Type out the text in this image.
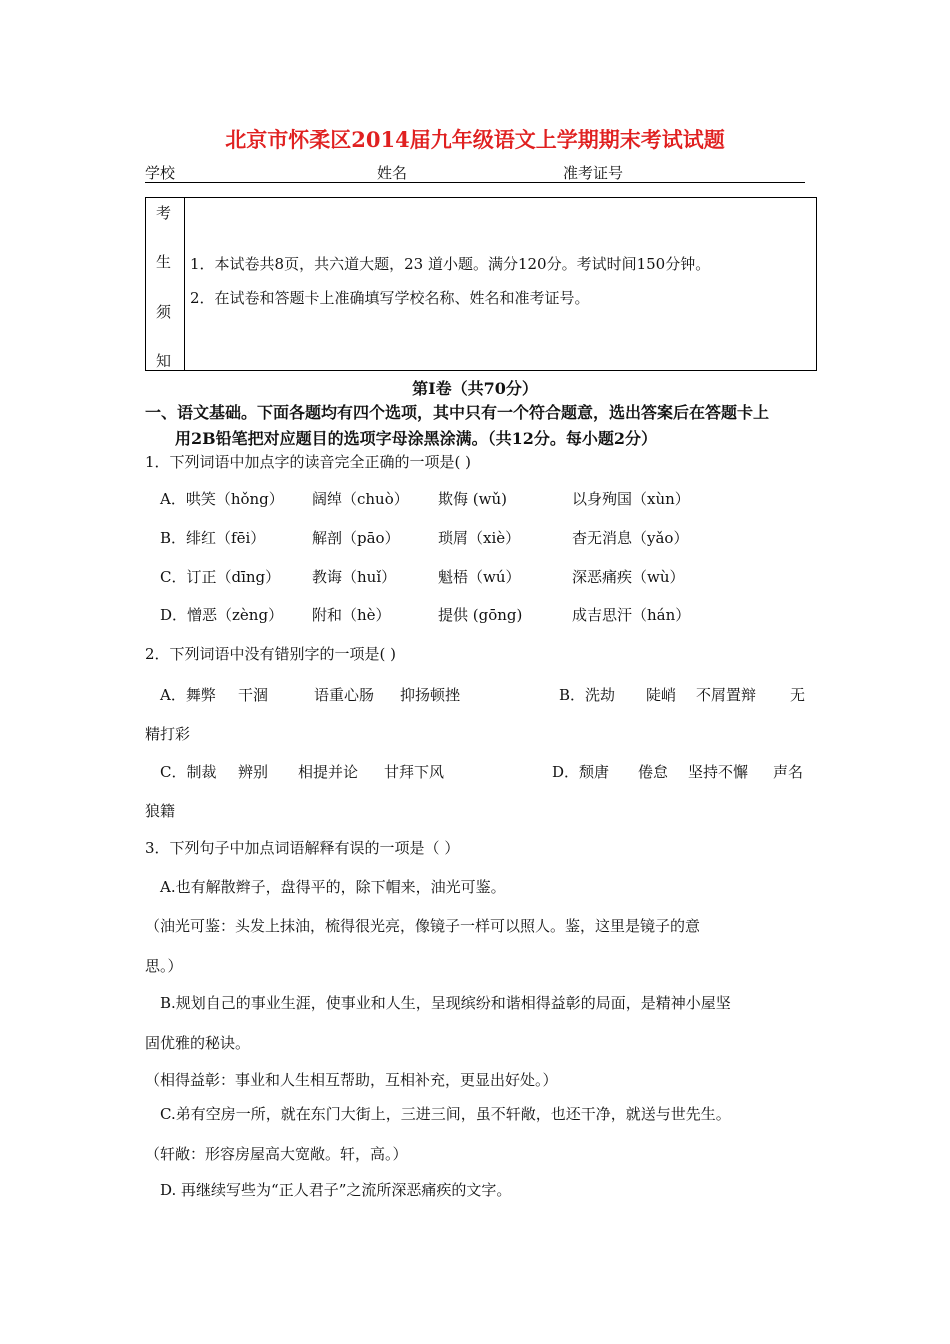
北京市怀柔区2014届九年级语文上学期期末考试试题
学校	姓名	准考证号
考
生
须
知
1．本试卷共8页，共六道大题，23 道小题。满分120分。考试时间150分钟。
2．在试卷和答题卡上准确填写学校名称、姓名和准考证号。
第Ⅰ卷（共70分）
一、语文基础。下面各题均有四个选项，其中只有一个符合题意，选出答案后在答题卡上
用2B铅笔把对应题目的选项字母涂黑涂满。（共12分。每小题2分）
1．下列词语中加点字的读音完全正确的一项是( )
A．哄笑（hǒng） 阔绰（chuò） 欺侮 (wǔ)	以身殉国（xùn）
B．绯红（fēi）	解剖（pāo）	琐屑（xiè）	杳无消息（yǎo）
C．订正（dīng） 教诲（huǐ）	魁梧（wú）	深恶痛疾（wù）
D．憎恶（zèng） 附和（hè）	提供 (gōng)	成吉思汗（hán）
2．下列词语中没有错别字的一项是( )
A．舞弊 干涸	语重心肠 抑扬顿挫	B．洗劫 陡峭 不屑置辩 无
精打彩
C．制裁 辨别 相提并论 甘拜下风	D．颓唐 倦怠 坚持不懈 声名
狼籍
3．下列句子中加点词语解释有误的一项是（ ）
A.也有解散辫子，盘得平的，除下帽来，油光可鉴。
（油光可鉴：头发上抹油，梳得很光亮，像镜子一样可以照人。鉴，这里是镜子的意
思。）
B.规划自己的事业生涯，使事业和人生，呈现缤纷和谐相得益彰的局面，是精神小屋坚
固优雅的秘诀。
（相得益彰：事业和人生相互帮助，互相补充，更显出好处。）
C.弟有空房一所，就在东门大街上，三进三间，虽不轩敞，也还干净，就送与世先生。
（轩敞：形容房屋高大宽敞。轩，高。）
D. 再继续写些为“正人君子”之流所深恶痛疾的文字。
